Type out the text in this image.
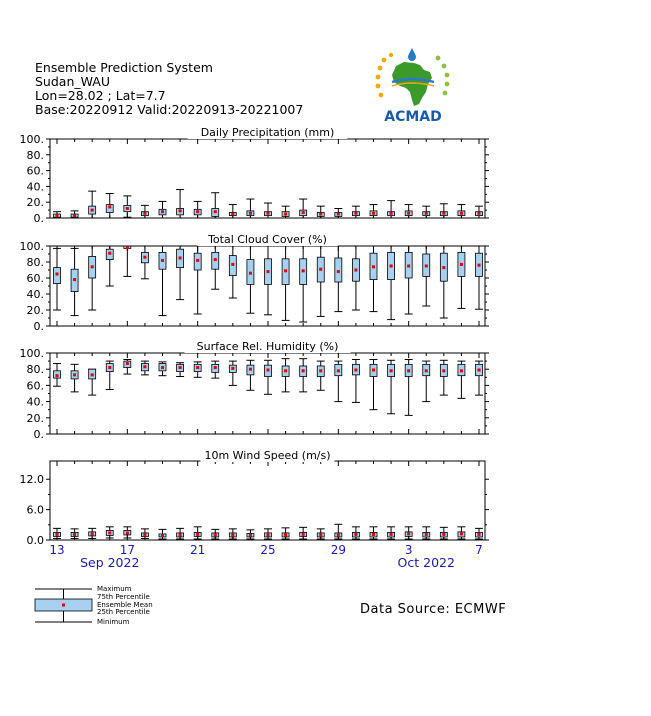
Ensemble Prediction System
Sudan_WAU
Lon=28.02 ; Lat=7.7
Base:20220912 Valid:20220913-20221007	ACMAD
0.
20.
40.
60.
80.
100.
Daily Precipitation (mm)
0.
20.
40.
60.
80.
100.
Total Cloud Cover (%)
0.
20.
40.
60.
80.
100.
Surface Rel. Humidity (%)
0.0
6.0
12.0
10m Wind Speed (m/s)
13	17	21	25	29	3	7
Sep 2022	Oct 2022
Maximum
75th Percentile
Ensemble Mean
25th Percentile
Minimum
Data Source: ECMWF
